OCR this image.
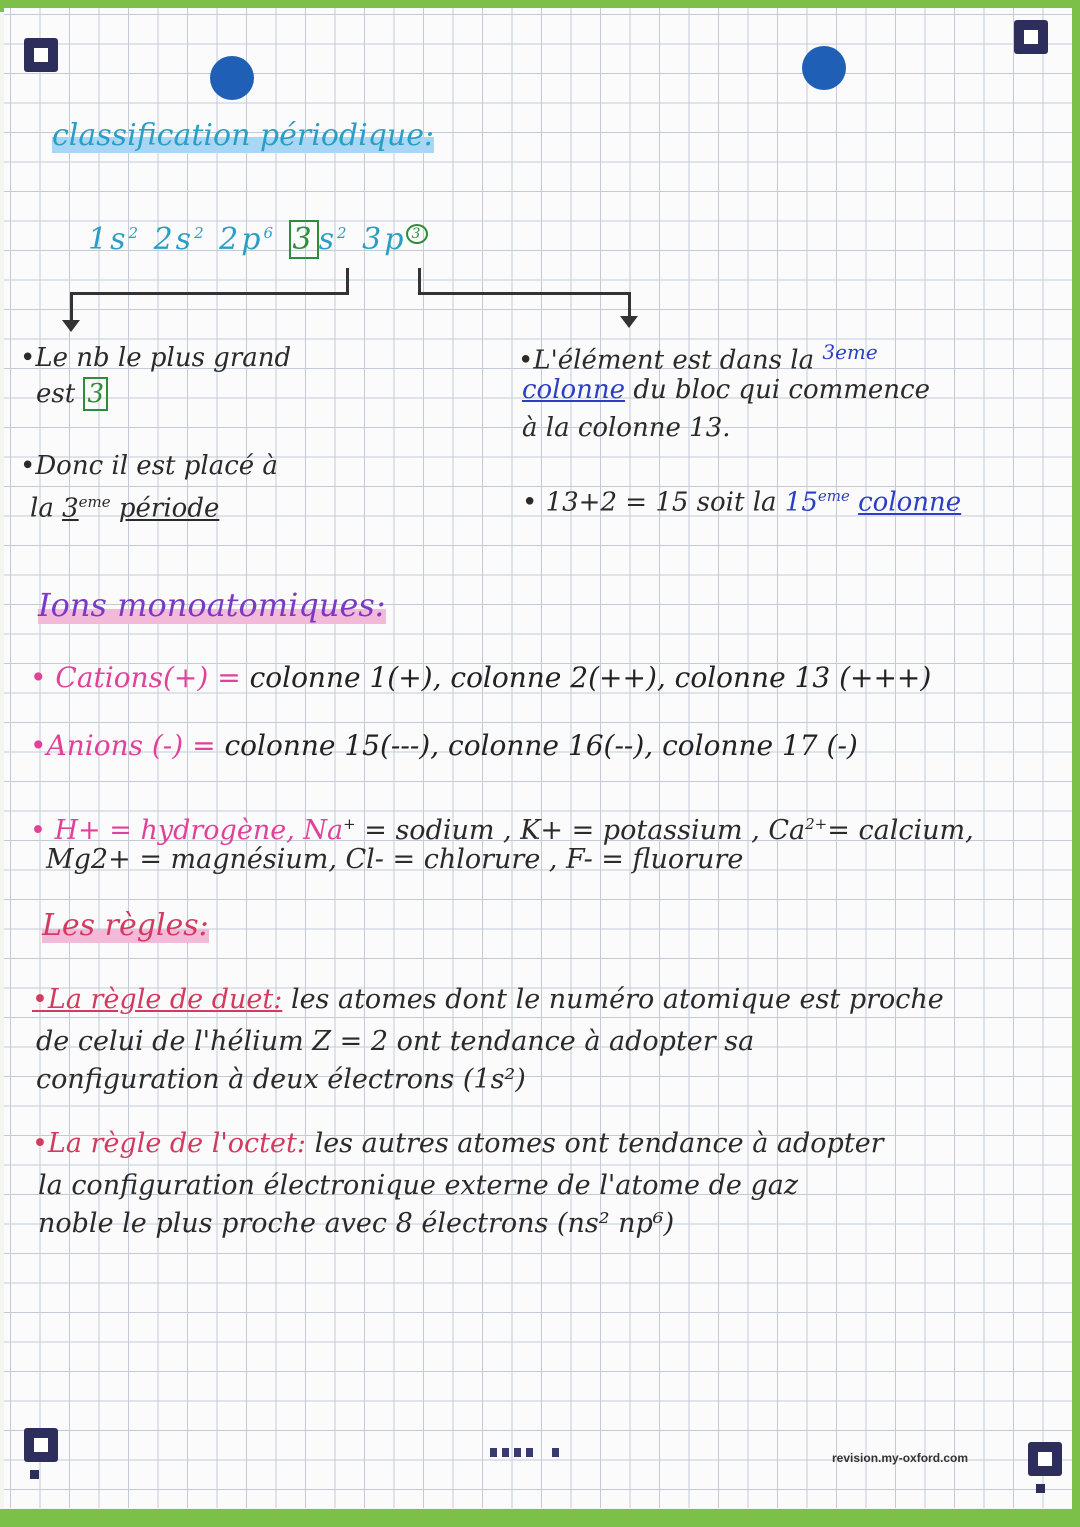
classification périodique:
$1s^2$ $2s^2$ $2p^6$ 3 $s^2$ 3p $^3$
•Le nb le plus grand
est 3
•Donc il est placé à
la 3eme période
•L'élément est dans la $^{3eme}$
colonne du bloc qui commence
à la colonne 13.
• 13+2 = 15 soit la 15eme colonne
Ions monoatomiques:
• Cations(+) = colonne 1(+), colonne 2(++), colonne 13 (+++)
•Anions (-) = colonne 15(---), colonne 16(--), colonne 17 (-)
• H+ = hydrogène, Na+ = sodium , K+ = potassium , $Ca^{2+}=$ calcium,
Mg2+ = magnésium, Cl- = chlorure , F- = fluorure
Les règles:
•La règle de duet: les atomes dont le numéro atomique est proche
de celui de l'hélium Z = 2 ont tendance à adopter sa
configuration à deux électrons (1s²)
•La règle de l'octet: les autres atomes ont tendance à adopter
la configuration électronique externe de l'atome de gaz
noble le plus proche avec 8 électrons (ns² np⁶)
revision.my-oxford.com
